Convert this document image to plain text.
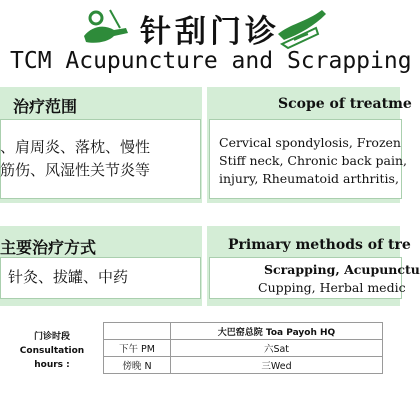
针刮门诊
TCM Acupuncture and Scrapping
治疗范围	Scope of treatme
、肩周炎、落枕、慢性
筋伤、风湿性关节炎等
Cervical spondylosis, Frozen
Stiff neck, Chronic back pain,
injury, Rheumatoid arthritis,
主要治疗方式	Primary methods of tre
针灸、拔罐、中药	Scrapping, Acupunctu
Cupping, Herbal medic
门诊时段
Consultation hours :
	大巴窑总院 Toa Payoh HQ
下午 PM	六Sat
傍晚 N	三Wed
